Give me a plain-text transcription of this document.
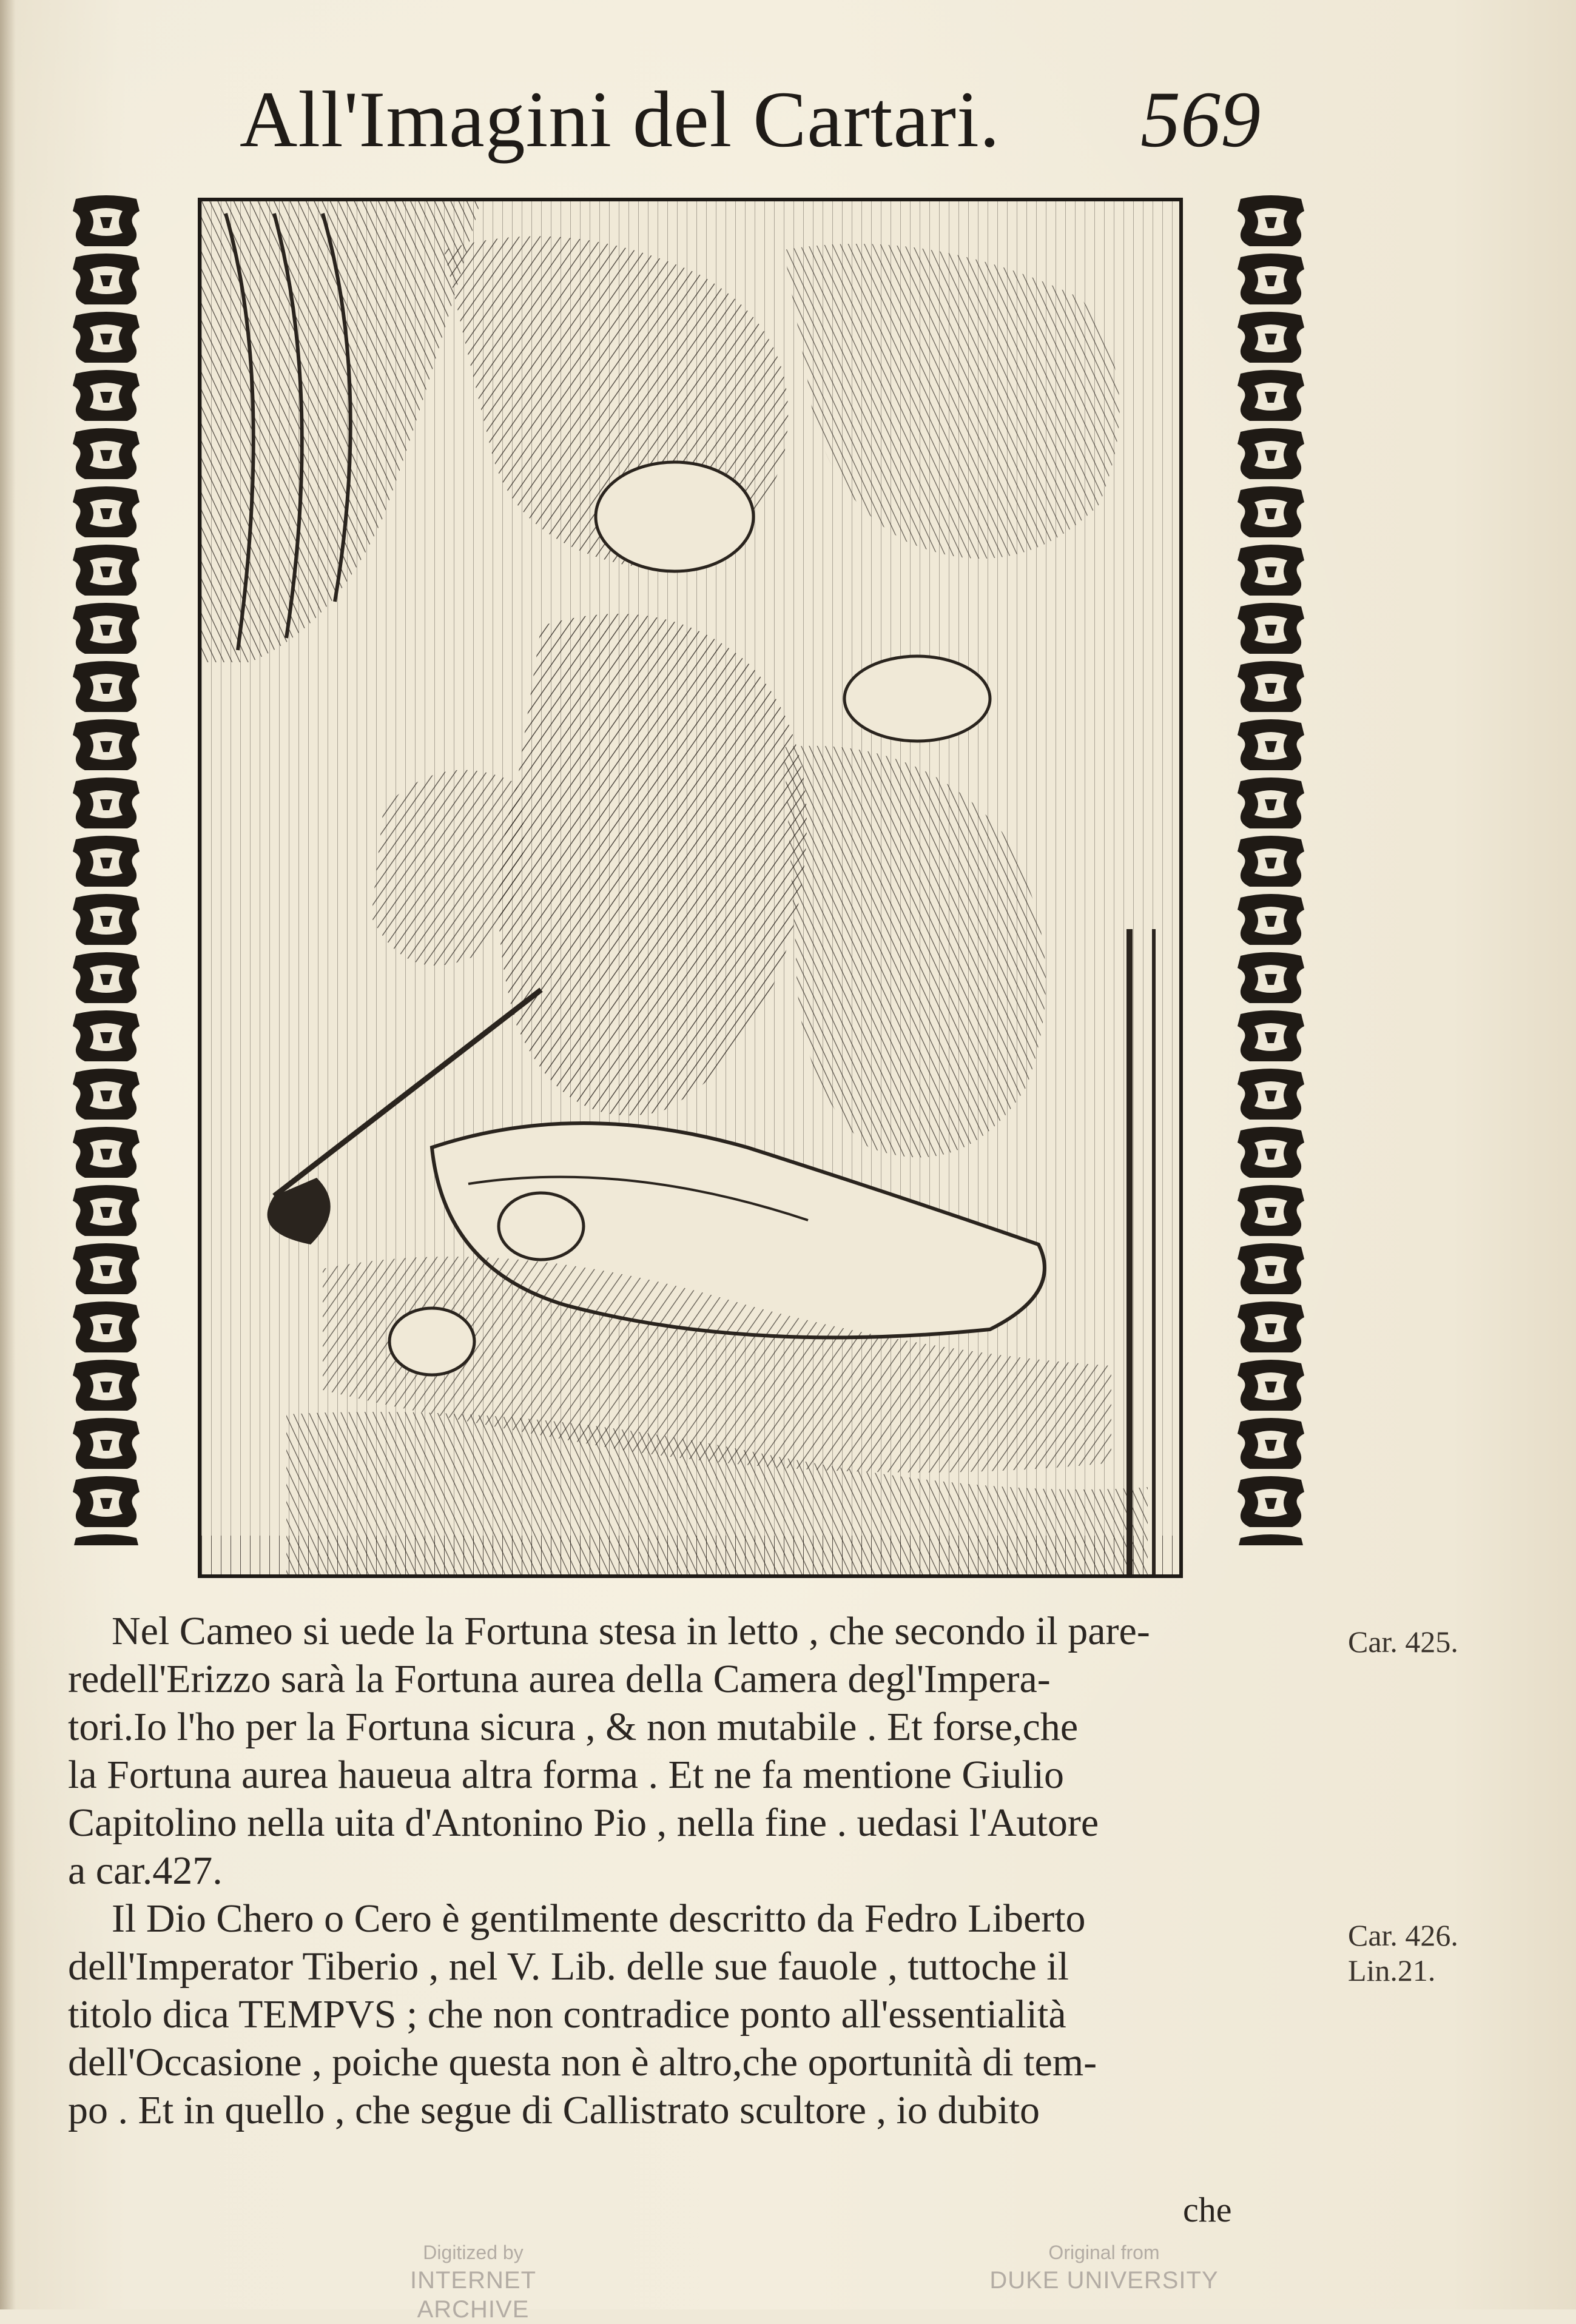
All'Imagini del Cartari. 569
Nel Cameo si uede la Fortuna stesa in letto , che secondo il pare-
redell'Erizzo sarà la Fortuna aurea della Camera degl'Impera-
tori.Io l'ho per la Fortuna sicura , & non mutabile . Et forse,che
la Fortuna aurea haueua altra forma . Et ne fa mentione Giulio
Capitolino nella uita d'Antonino Pio , nella fine . uedasi l'Autore
a car.427.
Il Dio Chero o Cero è gentilmente descritto da Fedro Liberto
dell'Imperator Tiberio , nel V. Lib. delle sue fauole , tuttoche il
titolo dica TEMPVS ; che non contradice ponto all'essentialità
dell'Occasione , poiche questa non è altro,che oportunità di tem-
po . Et in quello , che segue di Callistrato scultore , io dubito
Car. 425.
Car. 426.
Lin.21.
che
Digitized by
INTERNET ARCHIVE
Original from
DUKE UNIVERSITY
